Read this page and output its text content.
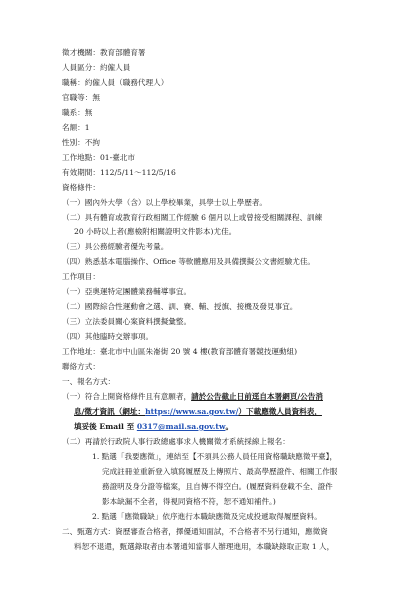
徵才機關：教育部體育署
人員區分：約僱人員
職稱：約僱人員（職務代理人）
官職等：無
職系：無
名額：1
性別：不拘
工作地點：01-臺北市
有效期間：112/5/11～112/5/16
資格條件：
（一）國內外大學（含）以上學校畢業，具學士以上學歷者。
（二）具有體育或教育行政相關工作經驗 6 個月以上或曾接受相關課程、訓練
20 小時以上者(應檢附相關證明文件影本)尤佳。
（三）具公務經驗者優先考量。
（四）熟悉基本電腦操作、Office 等軟體應用及具備撰擬公文書經驗尤佳。
工作項目：
（一）亞奧運特定團體業務輔導事宜。
（二）國際綜合性運動會之選、訓、賽、輔、授旗、接機及發見事宜。
（三）立法委員關心案資料撰擬彙整。
（四）其他臨時交辦事項。
工作地址：臺北市中山區朱崙街 20 號 4 樓(教育部體育署競技運動組)
聯絡方式：
一、報名方式：
（一）符合上開資格條件且有意願者，請於公告截止日前逕自本署網頁/公告消
息/徵才資訊（網址：https://www.sa.gov.tw/）下載應徵人員資料表，
填妥後 Email 至 0317@mail.sa.gov.tw。
（二）再請於行政院人事行政總處事求人機關徵才系統採線上報名：
1. 點選「我要應徵」，連結至【不須具公務人員任用資格職缺應徵平臺】，
完成註冊並重新登入填寫履歷及上傳照片、最高學歷證件、相關工作服
務證明及身分證等檔案，且自傳不得空白。(履歷資料登載不全、證件
影本缺漏不全者，得視同資格不符，恕不通知補件。)
2. 點選「應徵職缺」依序進行本職缺應徵及完成投遞取得履歷資料。
二、甄選方式：資歷審查合格者，擇優通知面試，不合格者不另行通知，應徵資
料恕不退還，甄選錄取者由本署通知當事人辦理進用，本職缺錄取正取 1 人，
